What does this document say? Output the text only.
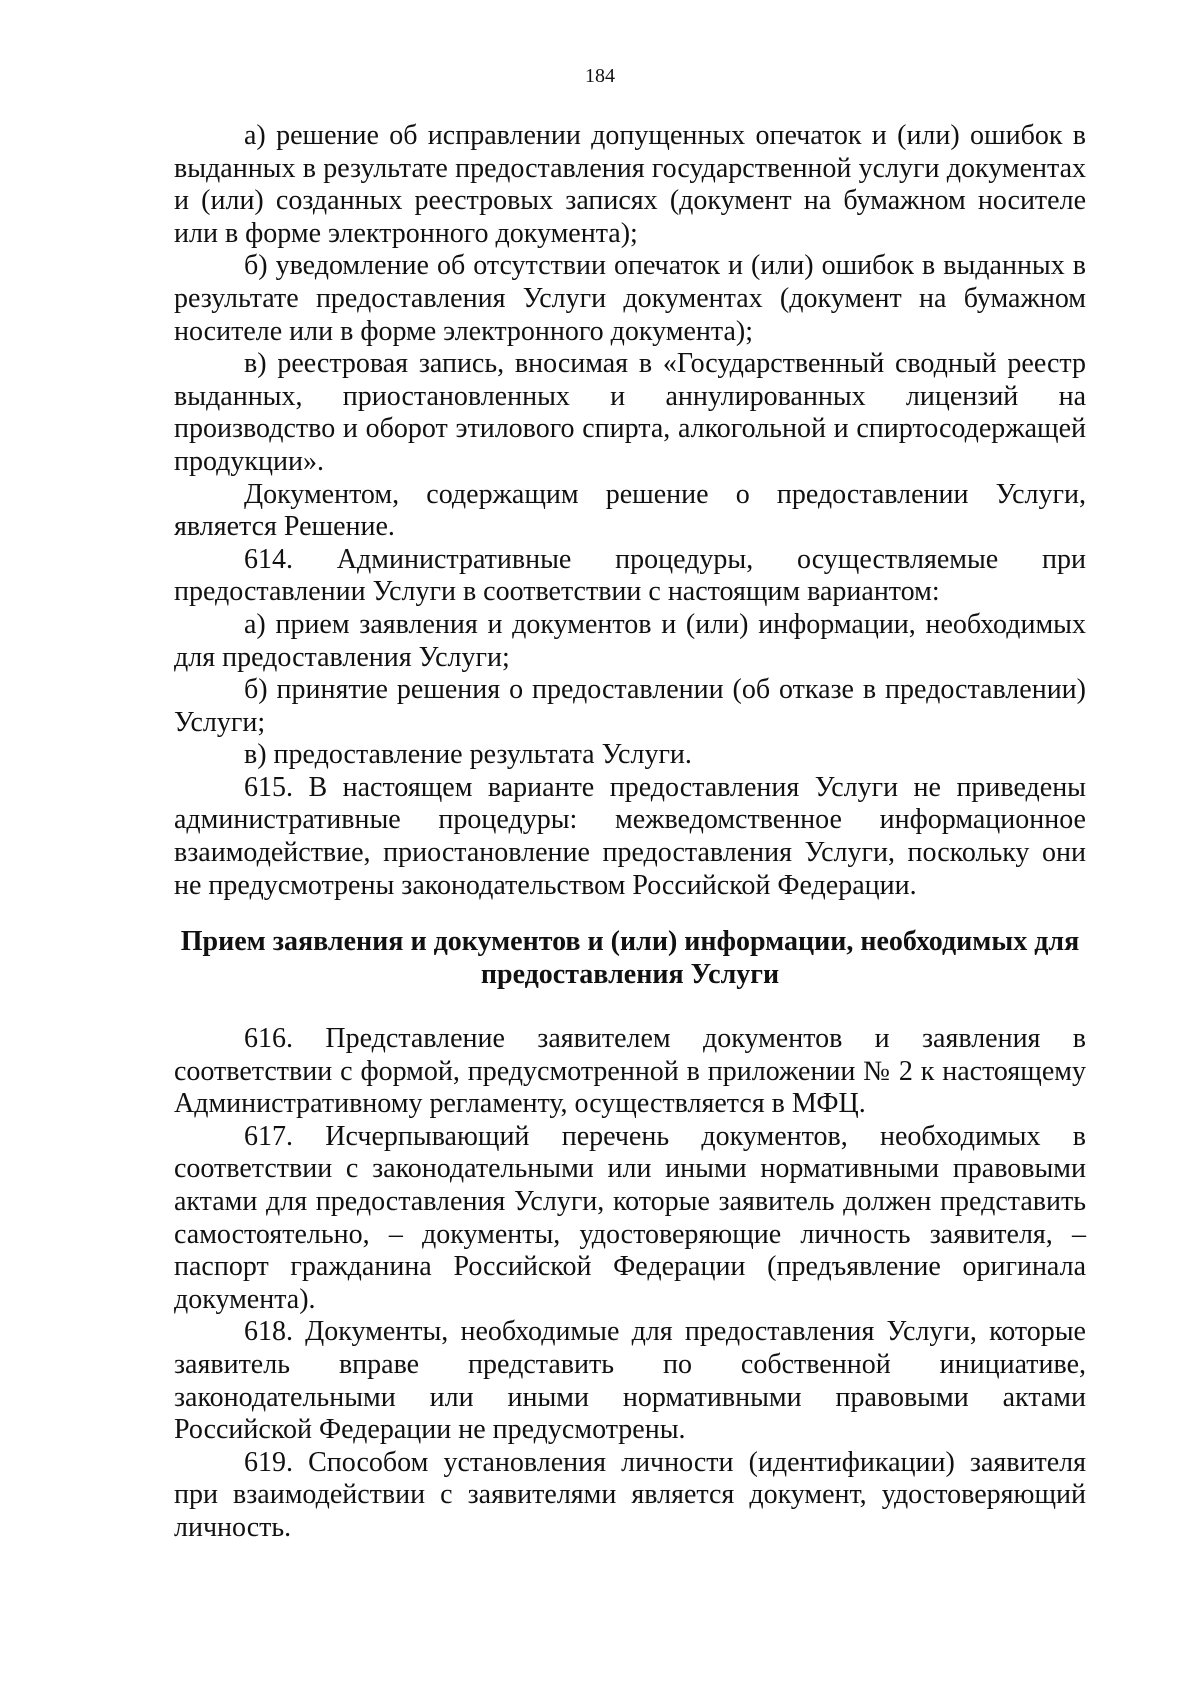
184

а) решение об исправлении допущенных опечаток и (или) ошибок в выданных в результате предоставления государственной услуги документах и (или) созданных реестровых записях (документ на бумажном носителе или в форме электронного документа);

б) уведомление об отсутствии опечаток и (или) ошибок в выданных в результате предоставления Услуги документах (документ на бумажном носителе или в форме электронного документа);

в) реестровая запись, вносимая в «Государственный сводный реестр выданных, приостановленных и аннулированных лицензий на производство и оборот этилового спирта, алкогольной и спиртосодержащей продукции».

Документом, содержащим решение о предоставлении Услуги, является Решение.

614. Административные процедуры, осуществляемые при предоставлении Услуги в соответствии с настоящим вариантом:

а) прием заявления и документов и (или) информации, необходимых для предоставления Услуги;

б) принятие решения о предоставлении (об отказе в предоставлении) Услуги;

в) предоставление результата Услуги.

615. В настоящем варианте предоставления Услуги не приведены административные процедуры: межведомственное информационное взаимодействие, приостановление предоставления Услуги, поскольку они не предусмотрены законодательством Российской Федерации.

Прием заявления и документов и (или) информации, необходимых для предоставления Услуги

616. Представление заявителем документов и заявления в соответствии с формой, предусмотренной в приложении № 2 к настоящему Административному регламенту, осуществляется в МФЦ.

617. Исчерпывающий перечень документов, необходимых в соответствии с законодательными или иными нормативными правовыми актами для предоставления Услуги, которые заявитель должен представить самостоятельно, – документы, удостоверяющие личность заявителя, – паспорт гражданина Российской Федерации (предъявление оригинала документа).

618. Документы, необходимые для предоставления Услуги, которые заявитель вправе представить по собственной инициативе, законодательными или иными нормативными правовыми актами Российской Федерации не предусмотрены.

619. Способом установления личности (идентификации) заявителя при взаимодействии с заявителями является документ, удостоверяющий личность.
